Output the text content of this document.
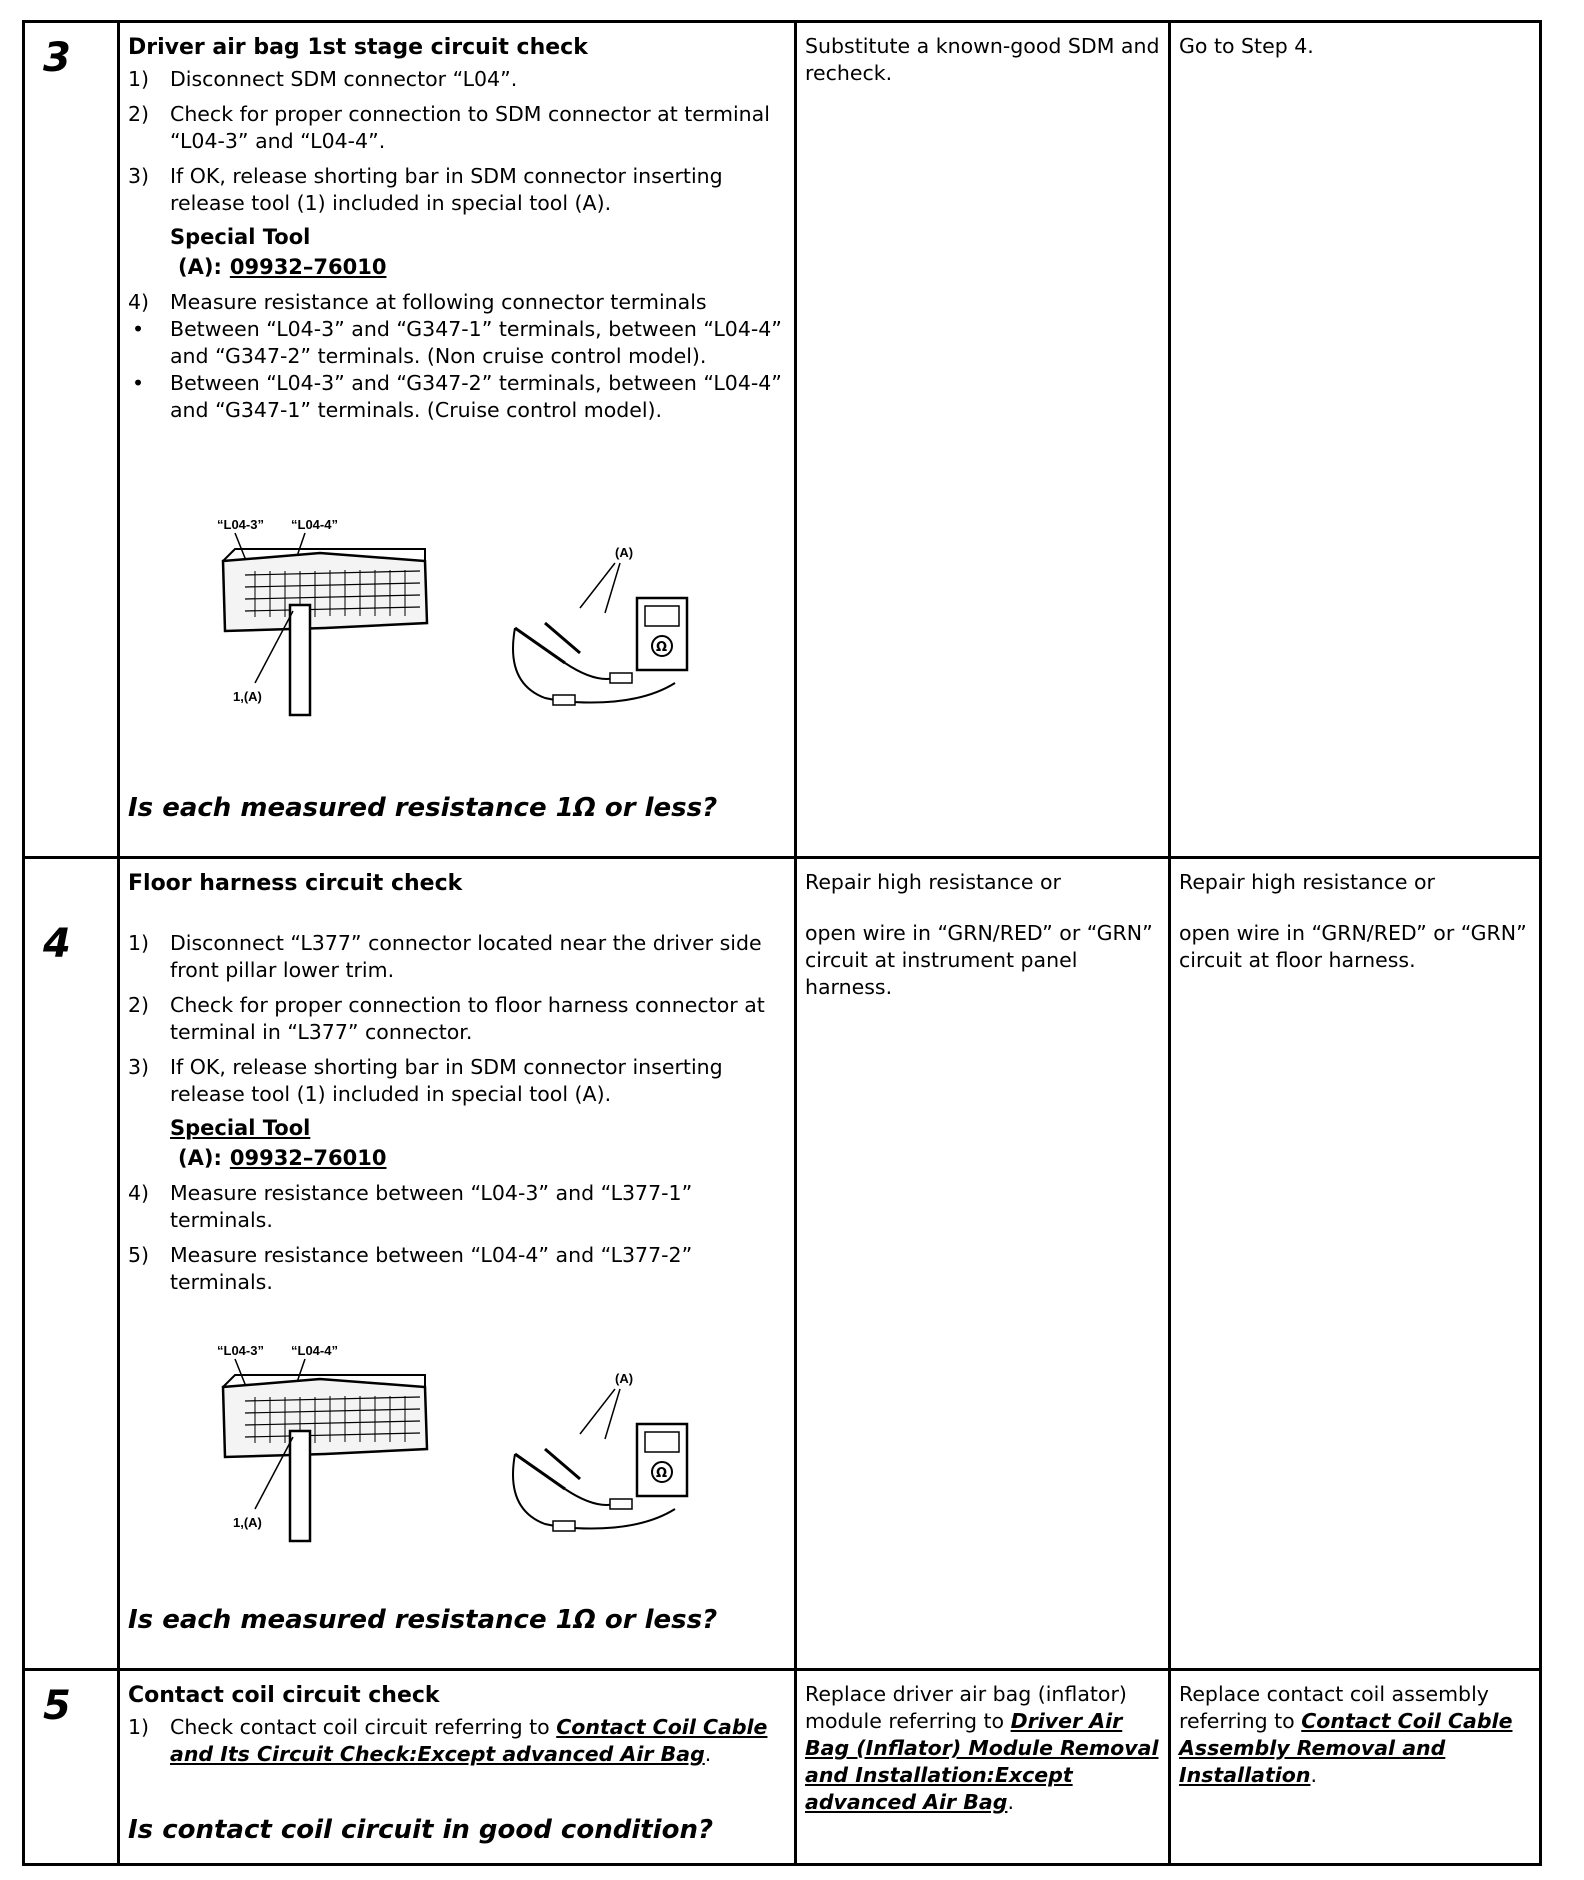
3	Driver air bag 1st stage circuit check
1) Disconnect SDM connector “L04”.
2) Check for proper connection to SDM connector at terminal “L04-3” and “L04-4”.
3) If OK, release shorting bar in SDM connector inserting release tool (1) included in special tool (A).
Special Tool
(A): 09932–76010
4) Measure resistance at following connector terminals
• Between “L04-3” and “G347-1” terminals, between “L04-4” and “G347-2” terminals. (Non cruise control model).
• Between “L04-3” and “G347-2” terminals, between “L04-4” and “G347-1” terminals. (Cruise control model).
“L04-3” “L04-4”
1,(A)
(A)
Ω
Is each measured resistance 1Ω or less?
Substitute a known-good SDM and recheck.
Go to Step 4.
4
Floor harness circuit check
1) Disconnect “L377” connector located near the driver side front pillar lower trim.
2) Check for proper connection to floor harness connector at terminal in “L377” connector.
3) If OK, release shorting bar in SDM connector inserting release tool (1) included in special tool (A).
Special Tool
(A): 09932–76010
4) Measure resistance between “L04-3” and “L377-1” terminals.
5) Measure resistance between “L04-4” and “L377-2” terminals.
“L04-3” “L04-4”
1,(A)
(A)
Ω
Is each measured resistance 1Ω or less?
Repair high resistance or
open wire in “GRN/RED” or “GRN” circuit at instrument panel harness.
Repair high resistance or
open wire in “GRN/RED” or “GRN” circuit at floor harness.
5	Contact coil circuit check
1) Check contact coil circuit referring to Contact Coil Cable and Its Circuit Check:Except advanced Air Bag.
Is contact coil circuit in good condition?
Replace driver air bag (inflator) module referring to Driver Air Bag (Inflator) Module Removal and Installation:Except advanced Air Bag.
Replace contact coil assembly referring to Contact Coil Cable Assembly Removal and Installation.
